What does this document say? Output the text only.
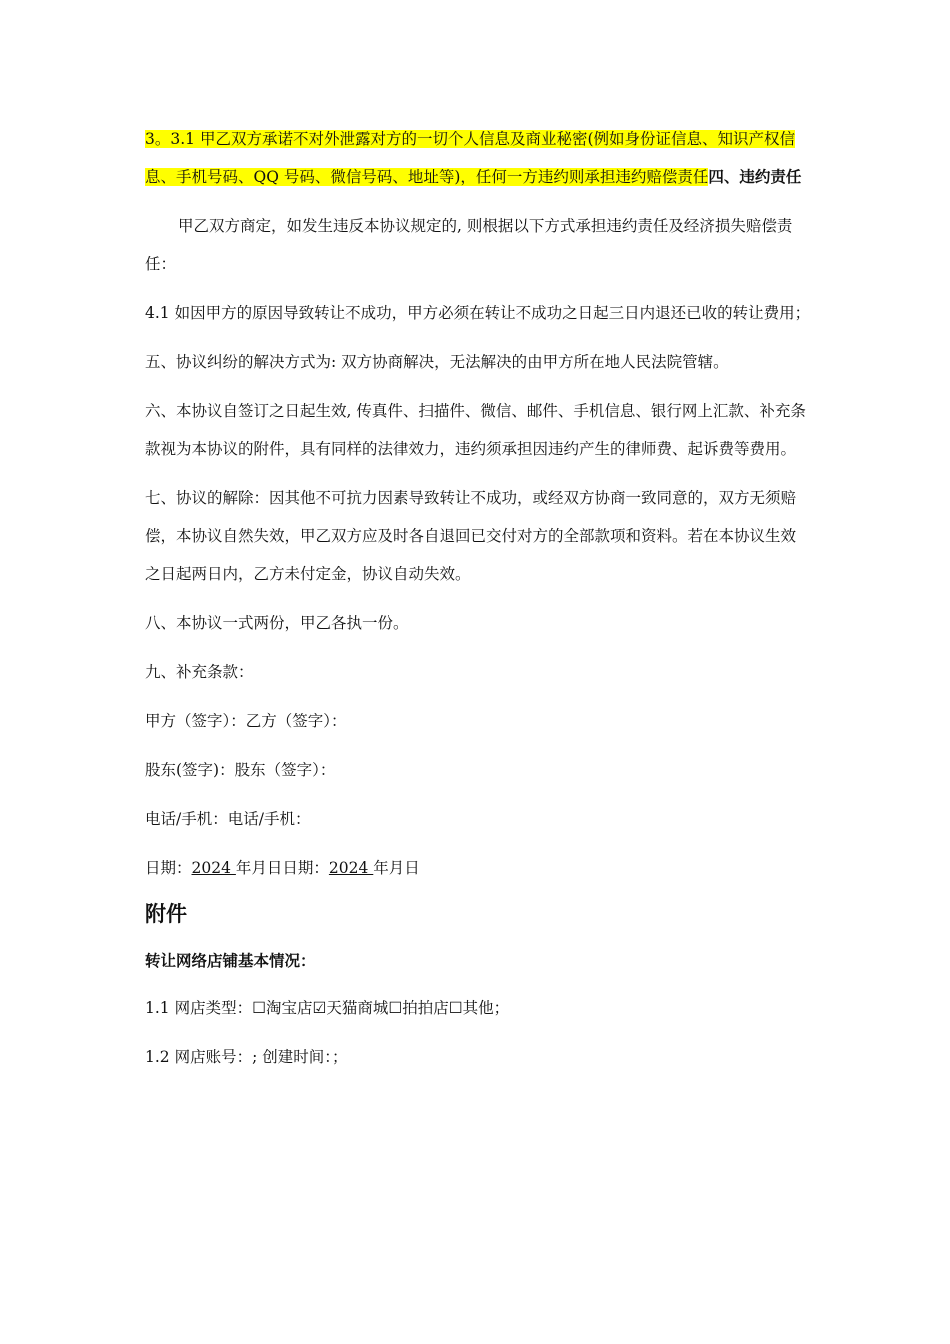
3。3.1 甲乙双方承诺不对外泄露对方的一切个人信息及商业秘密(例如身份证信息、知识产权信息、手机号码、QQ 号码、微信号码、地址等)，任何一方违约则承担违约赔偿责任四、违约责任

甲乙双方商定，如发生违反本协议规定的, 则根据以下方式承担违约责任及经济损失赔偿责任：

4.1 如因甲方的原因导致转让不成功，甲方必须在转让不成功之日起三日内退还已收的转让费用；

五、协议纠纷的解决方式为: 双方协商解决，无法解决的由甲方所在地人民法院管辖。

六、本协议自签订之日起生效, 传真件、扫描件、微信、邮件、手机信息、银行网上汇款、补充条款视为本协议的附件，具有同样的法律效力，违约须承担因违约产生的律师费、起诉费等费用。

七、协议的解除：因其他不可抗力因素导致转让不成功，或经双方协商一致同意的，双方无须赔偿，本协议自然失效，甲乙双方应及时各自退回已交付对方的全部款项和资料。若在本协议生效之日起两日内，乙方未付定金，协议自动失效。

八、本协议一式两份，甲乙各执一份。

九、补充条款：

甲方（签字）：乙方（签字）：

股东(签字)：股东（签字）：

电话/手机：电话/手机：

日期：2024 年月日日期：2024 年月日

附件
转让网络店铺基本情况：

1.1 网店类型：☐淘宝店☑天猫商城☐拍拍店☐其他；

1.2 网店账号：; 创建时间：；
